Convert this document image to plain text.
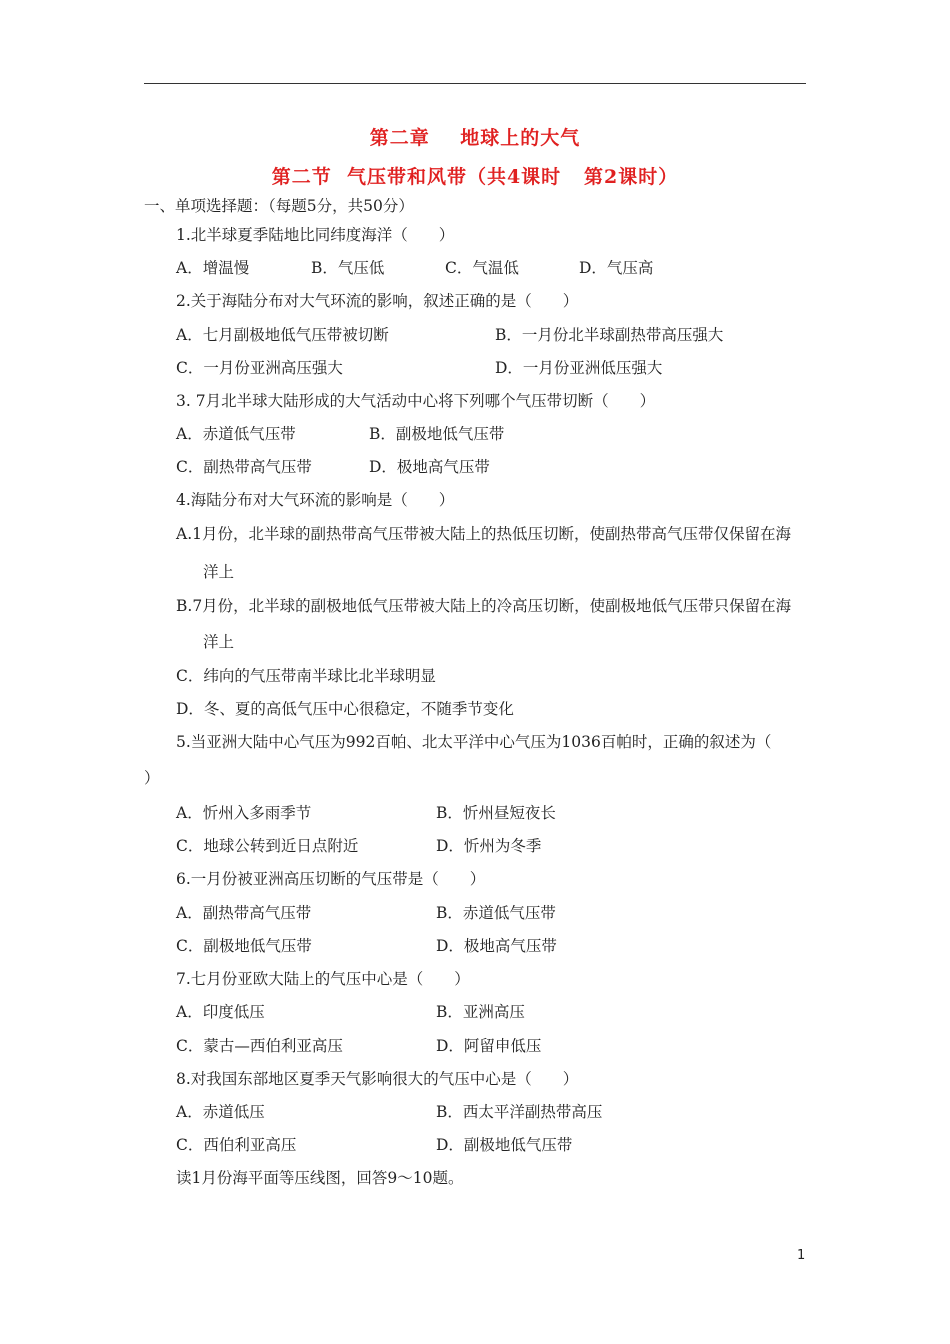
第二章    地球上的大气
第二节  气压带和风带（共4课时   第2课时）
一、单项选择题：（每题5分，共50分）
1.北半球夏季陆地比同纬度海洋（　　）
A．增温慢	B．气压低	C．气温低	D．气压高
2.关于海陆分布对大气环流的影响，叙述正确的是（　　）
A．七月副极地低气压带被切断	B．一月份北半球副热带高压强大
C．一月份亚洲高压强大	D．一月份亚洲低压强大
3. 7月北半球大陆形成的大气活动中心将下列哪个气压带切断（　　）
A．赤道低气压带	B．副极地低气压带
C．副热带高气压带	D．极地高气压带
4.海陆分布对大气环流的影响是（　　）
A.1月份，北半球的副热带高气压带被大陆上的热低压切断，使副热带高气压带仅保留在海
洋上
B.7月份，北半球的副极地低气压带被大陆上的冷高压切断，使副极地低气压带只保留在海
洋上
C．纬向的气压带南半球比北半球明显
D．冬、夏的高低气压中心很稳定，不随季节变化
5.当亚洲大陆中心气压为992百帕、北太平洋中心气压为1036百帕时，正确的叙述为（
）
A．忻州入多雨季节	B．忻州昼短夜长
C．地球公转到近日点附近	D．忻州为冬季
6.一月份被亚洲高压切断的气压带是（　　）
A．副热带高气压带	B．赤道低气压带
C．副极地低气压带	D．极地高气压带
7.七月份亚欧大陆上的气压中心是（　　）
A．印度低压	B．亚洲高压
C．蒙古—西伯利亚高压	D．阿留申低压
8.对我国东部地区夏季天气影响很大的气压中心是（　　）
A．赤道低压	B．西太平洋副热带高压
C．西伯利亚高压	D．副极地低气压带
读1月份海平面等压线图，回答9～10题。
1
